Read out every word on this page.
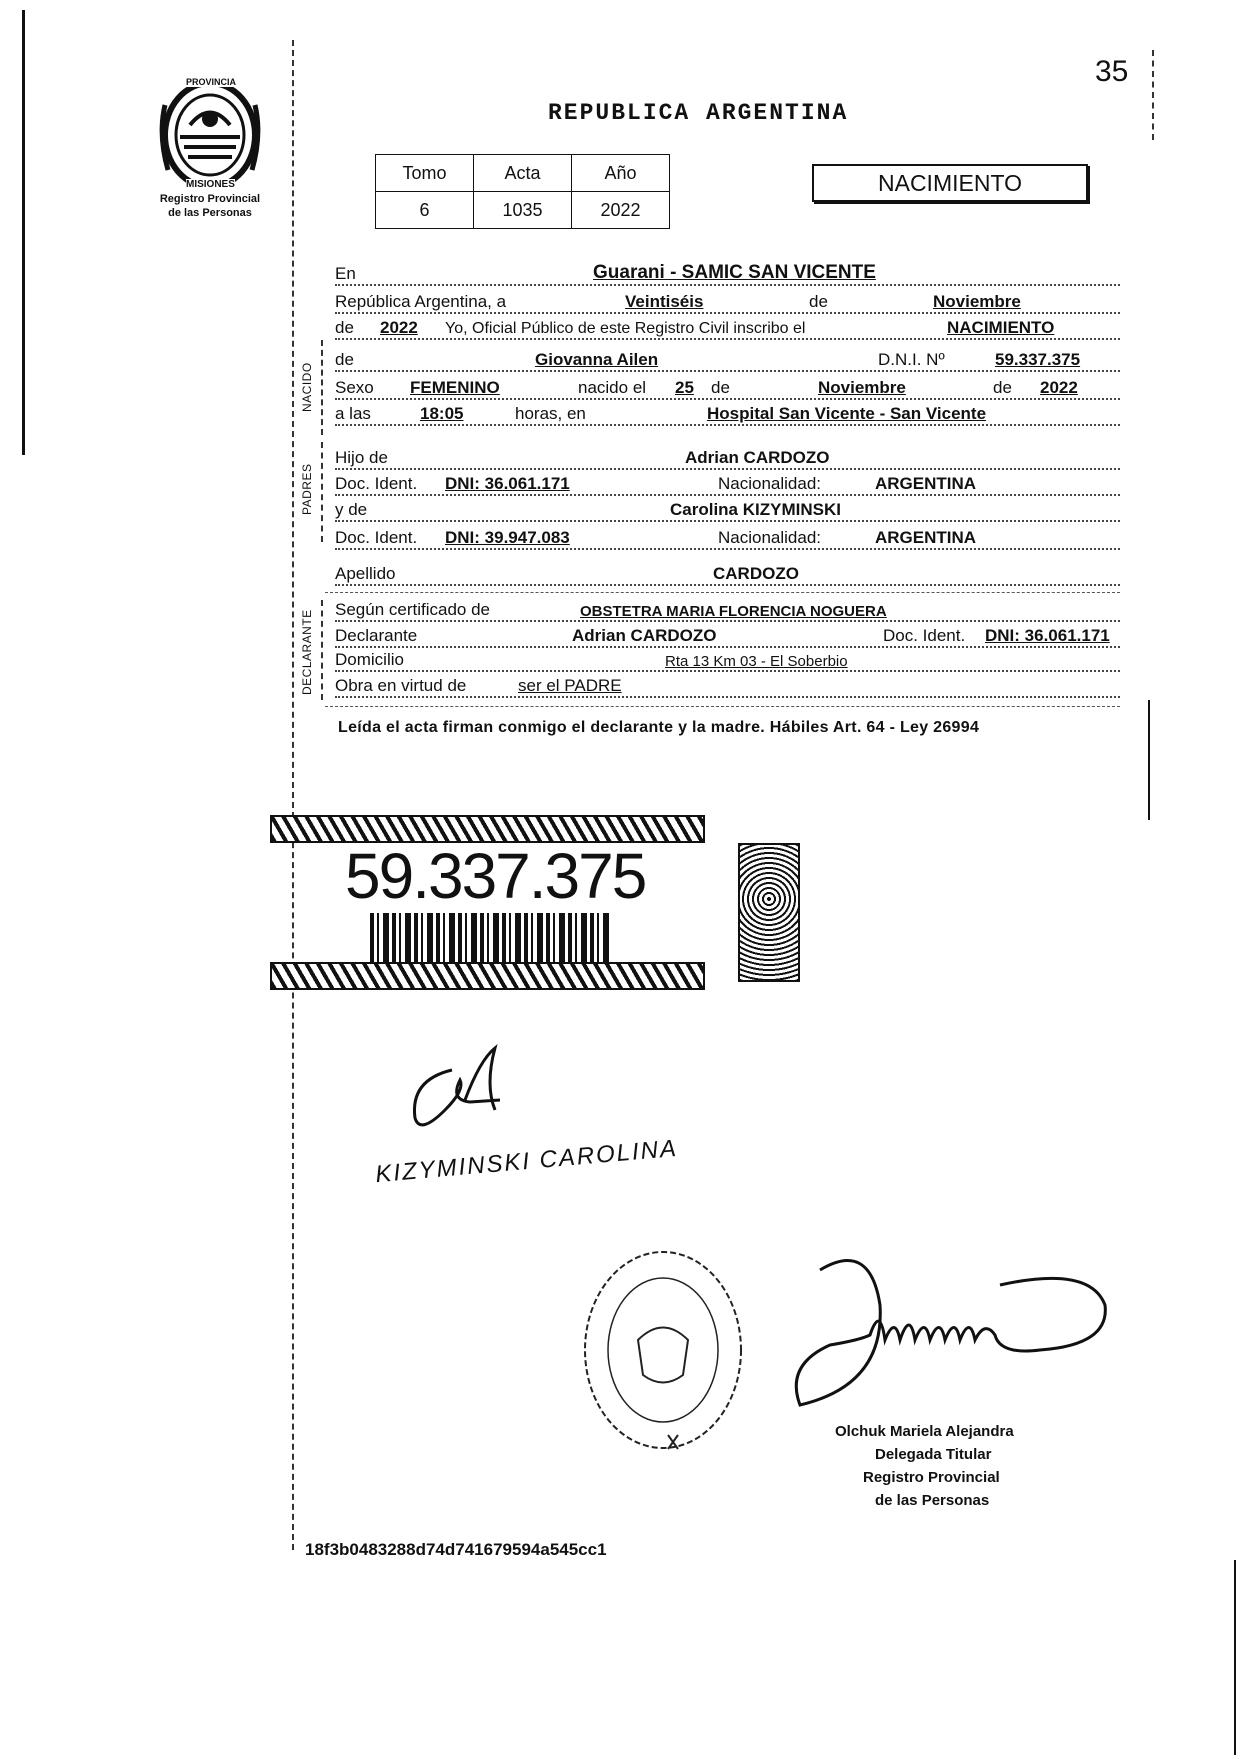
35
PROVINCIA
MISIONES
Registro Provincial
de las Personas
REPUBLICA ARGENTINA
NACIMIENTO
Tomo	Acta	Año
6	1035	2022
NACIDO
PADRES
DECLARANTE
En	Guarani - SAMIC SAN VICENTE
República Argentina, a	Veintiséis	de	Noviembre
de 2022 Yo, Oficial Público de este Registro Civil inscribo el	NACIMIENTO
de	Giovanna Ailen	D.N.I. Nº	59.337.375
Sexo FEMENINO	nacido el 25 de	Noviembre	de 2022
a las	18:05	horas, en	Hospital San Vicente - San Vicente
Hijo de	Adrian CARDOZO
Doc. Ident. DNI: 36.061.171	Nacionalidad:	ARGENTINA
y de	Carolina KIZYMINSKI
Doc. Ident. DNI: 39.947.083	Nacionalidad:	ARGENTINA
Apellido	CARDOZO
Según certificado de	OBSTETRA MARIA FLORENCIA NOGUERA
Declarante	Adrian CARDOZO	Doc. Ident. DNI: 36.061.171
Domicilio	Rta 13 Km 03 - El Soberbio
Obra en virtud de	ser el PADRE
Leída el acta firman conmigo el declarante y la madre. Hábiles Art. 64 - Ley 26994
59.337.375
KIZYMINSKI CAROLINA
Olchuk Mariela Alejandra
Delegada Titular
Registro Provincial
de las Personas
18f3b0483288d74d741679594a545cc1
